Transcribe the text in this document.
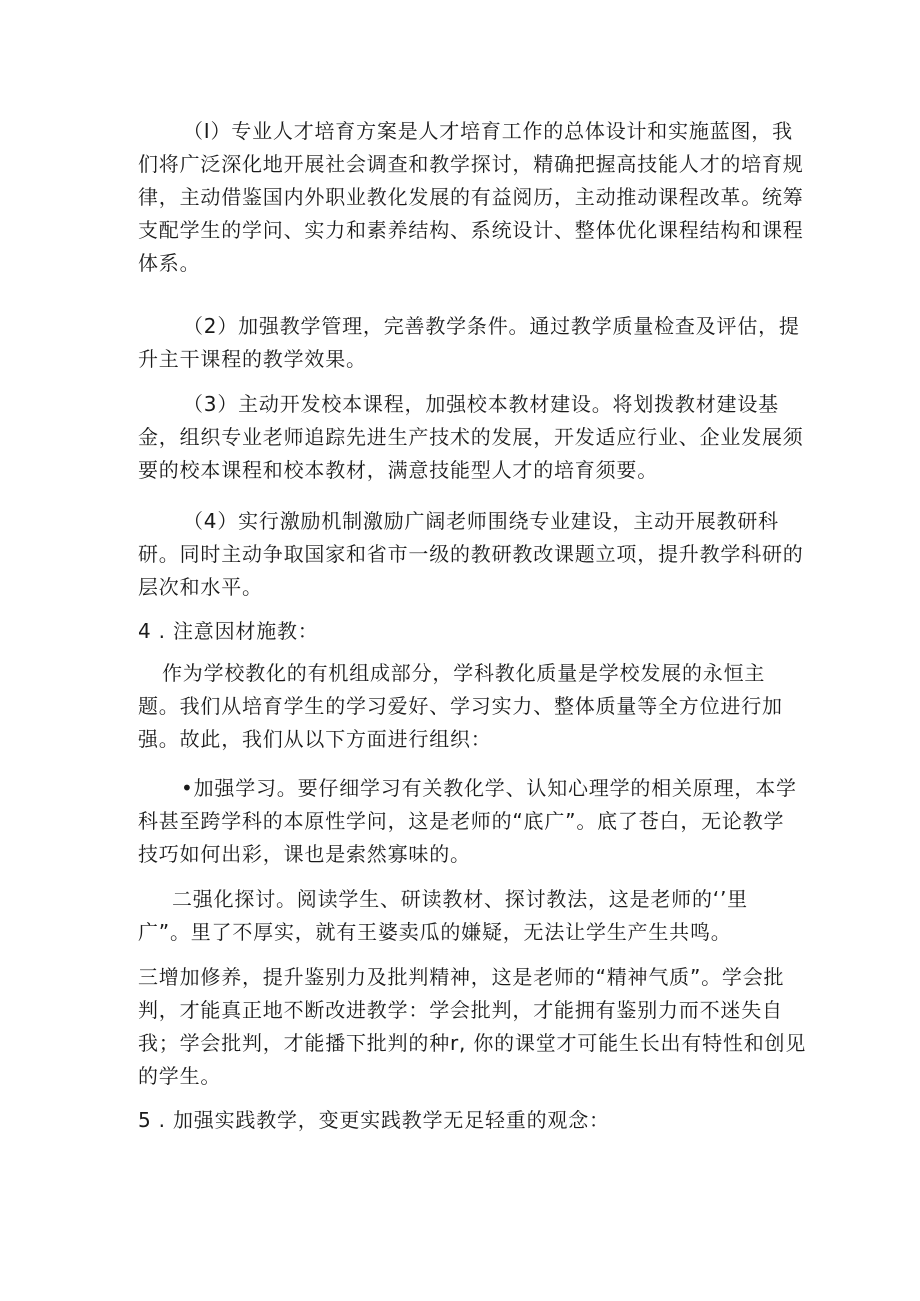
（I）专业人才培育方案是人才培育工作的总体设计和实施蓝图，我
们将广泛深化地开展社会调查和教学探讨，精确把握高技能人才的培育规
律，主动借鉴国内外职业教化发展的有益阅历，主动推动课程改革。统筹
支配学生的学问、实力和素养结构、系统设计、整体优化课程结构和课程
体系。
（2）加强教学管理，完善教学条件。通过教学质量检查及评估，提
升主干课程的教学效果。
（3）主动开发校本课程，加强校本教材建设。将划拨教材建设基
金，组织专业老师追踪先进生产技术的发展，开发适应行业、企业发展须
要的校本课程和校本教材，满意技能型人才的培育须要。
（4）实行激励机制激励广阔老师围绕专业建设，主动开展教研科
研。同时主动争取国家和省市一级的教研教改课题立项，提升教学科研的
层次和水平。
4 . 注意因材施教：
作为学校教化的有机组成部分，学科教化质量是学校发展的永恒主
题。我们从培育学生的学习爱好、学习实力、整体质量等全方位进行加
强。故此，我们从以下方面进行组织：
•加强学习。要仔细学习有关教化学、认知心理学的相关原理，本学
科甚至跨学科的本原性学问，这是老师的“底广”。底了苍白，无论教学
技巧如何出彩，课也是索然寡味的。
二强化探讨。阅读学生、研读教材、探讨教法，这是老师的‘’里
广”。里了不厚实，就有王婆卖瓜的嫌疑，无法让学生产生共鸣。
三增加修养，提升鉴别力及批判精神，这是老师的“精神气质”。学会批
判，才能真正地不断改进教学：学会批判，才能拥有鉴别力而不迷失自
我；学会批判，才能播下批判的种r, 你的课堂才可能生长出有特性和创见
的学生。
5 . 加强实践教学，变更实践教学无足轻重的观念：
